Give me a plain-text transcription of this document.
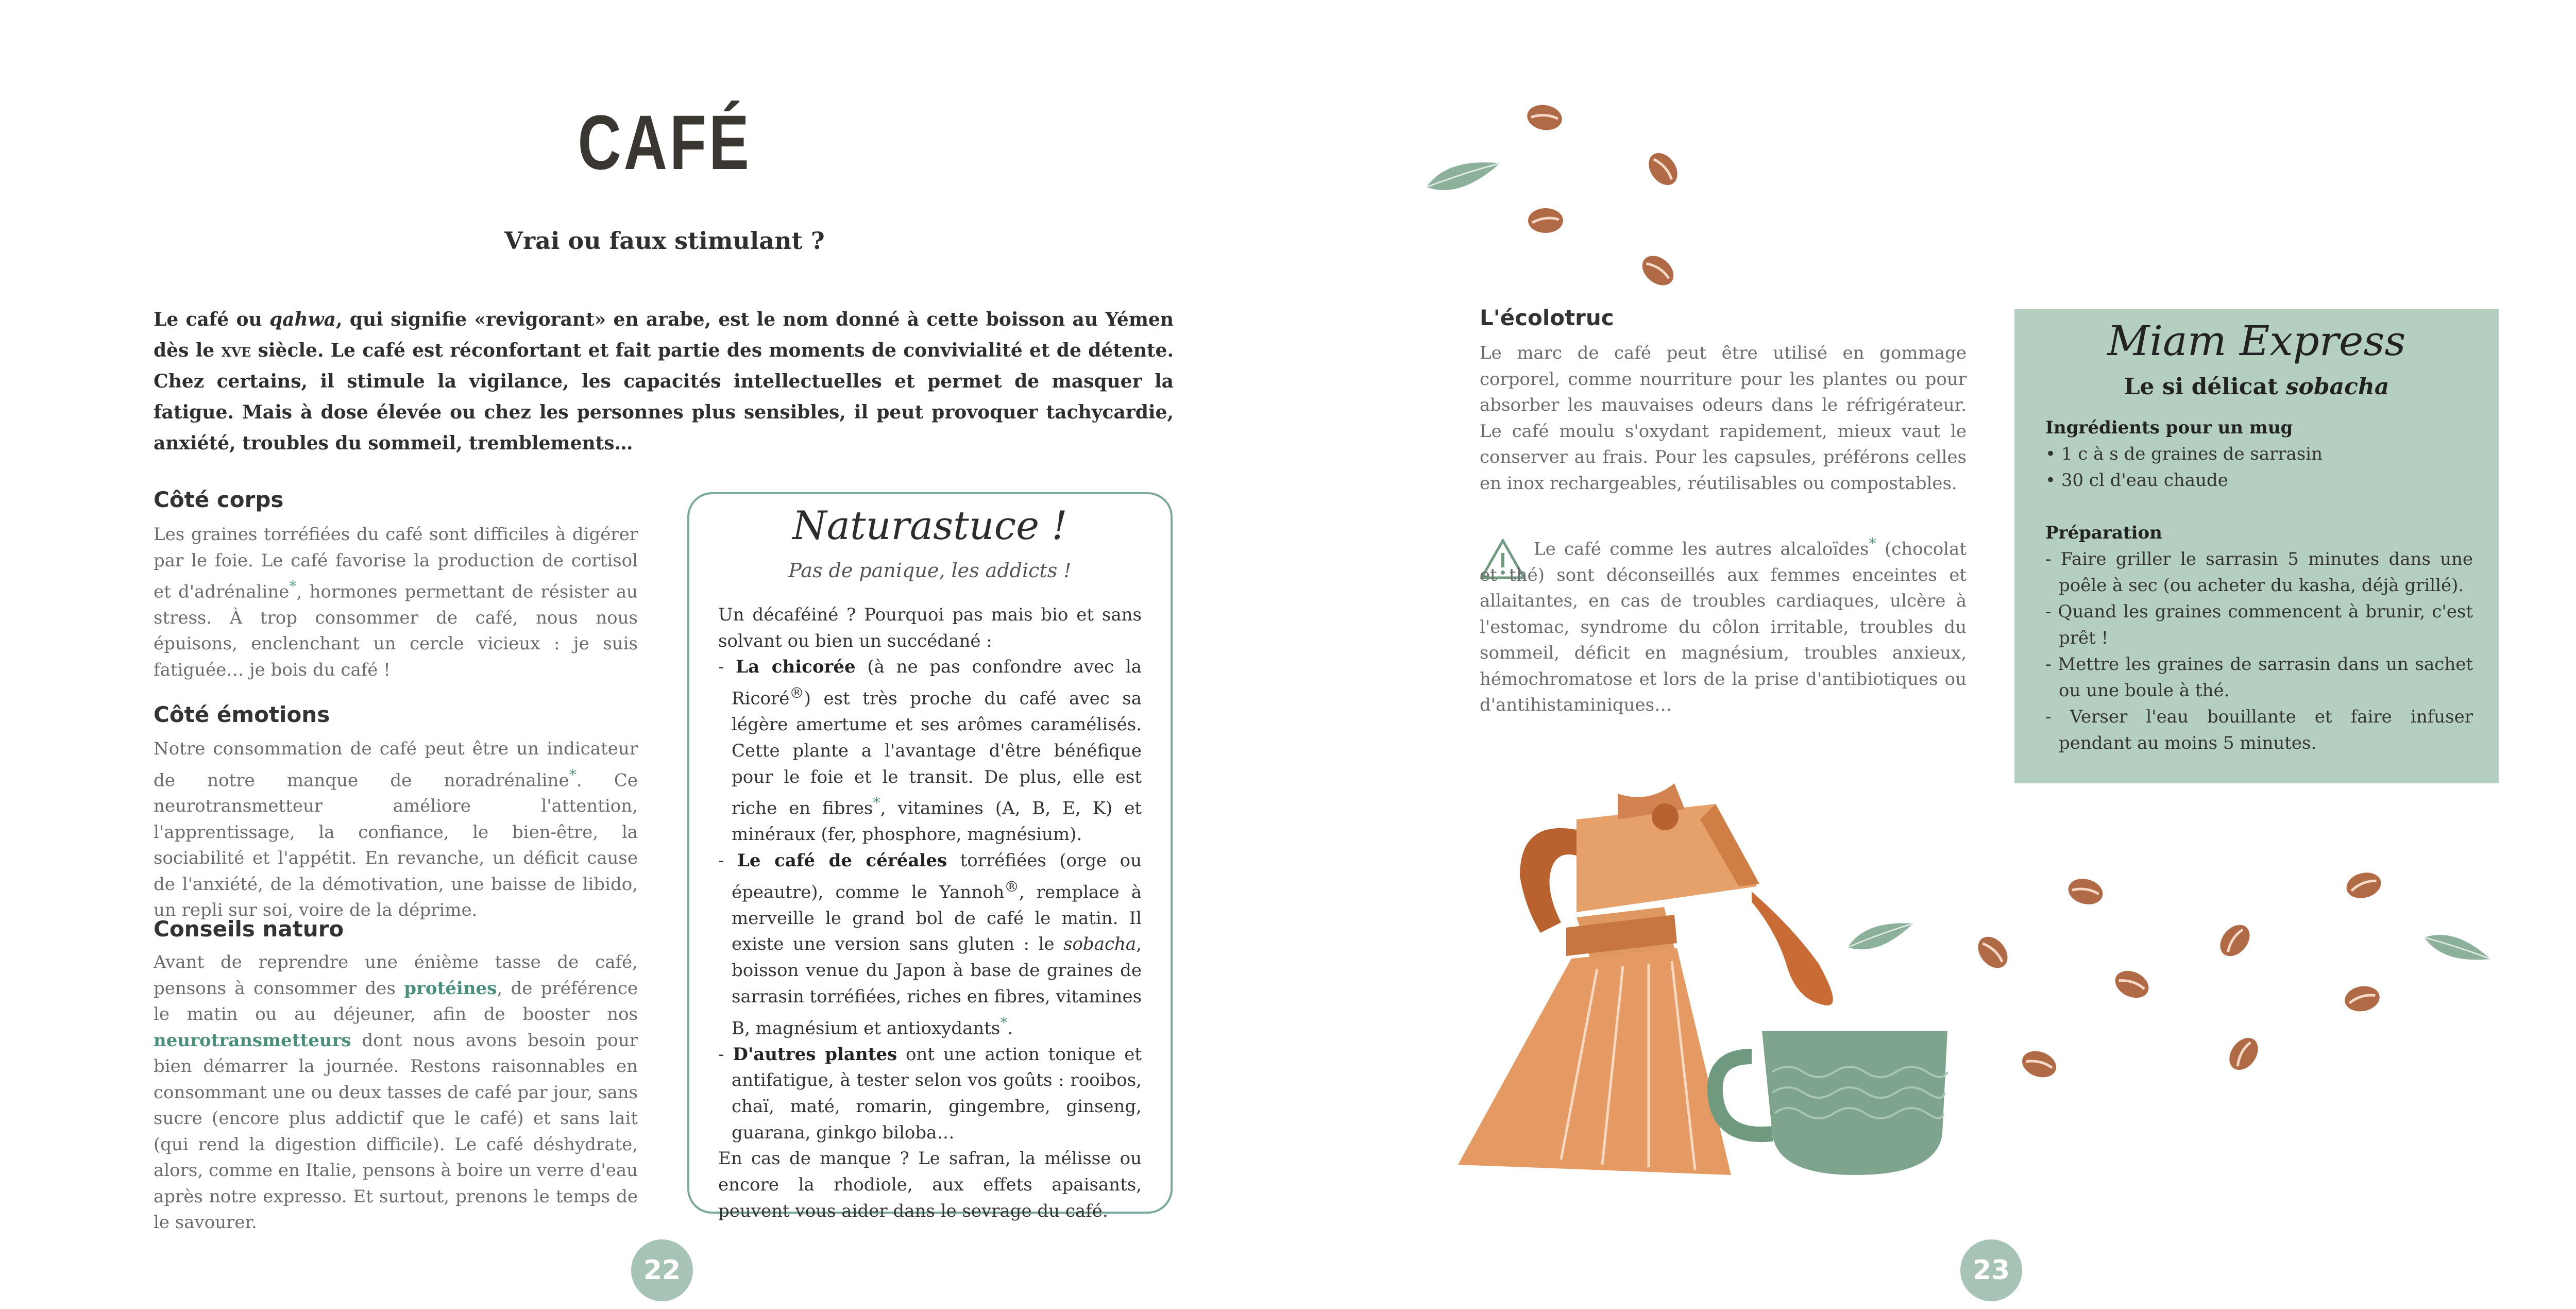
CAFÉ
Vrai ou faux stimulant ?
Le café ou qahwa, qui signifie «revigorant» en arabe, est le nom donné à cette boisson au Yémen dès le xve siècle. Le café est réconfortant et fait partie des moments de convivialité et de détente. Chez certains, il stimule la vigilance, les capacités intellectuelles et permet de masquer la fatigue. Mais à dose élevée ou chez les personnes plus sensibles, il peut provoquer tachycardie, anxiété, troubles du sommeil, tremblements…
Côté corps
Les graines torréfiées du café sont difficiles à digérer par le foie. Le café favorise la production de cortisol et d'adrénaline*, hormones permettant de résister au stress. À trop consommer de café, nous nous épuisons, enclenchant un cercle vicieux : je suis fatiguée… je bois du café !
Côté émotions
Notre consommation de café peut être un indicateur de notre manque de noradrénaline*. Ce neurotransmetteur améliore l'attention, l'apprentissage, la confiance, le bien-être, la sociabilité et l'appétit. En revanche, un déficit cause de l'anxiété, de la démotivation, une baisse de libido, un repli sur soi, voire de la déprime.
Conseils naturo
Avant de reprendre une énième tasse de café, pensons à consommer des protéines, de préférence le matin ou au déjeuner, afin de booster nos neurotransmetteurs dont nous avons besoin pour bien démarrer la journée. Restons raisonnables en consommant une ou deux tasses de café par jour, sans sucre (encore plus addictif que le café) et sans lait (qui rend la digestion difficile). Le café déshydrate, alors, comme en Italie, pensons à boire un verre d'eau après notre expresso. Et surtout, prenons le temps de le savourer.
Naturastuce !
Pas de panique, les addicts !
Un décaféiné ? Pourquoi pas mais bio et sans solvant ou bien un succédané :
- La chicorée (à ne pas confondre avec la Ricoré®) est très proche du café avec sa légère amertume et ses arômes caramélisés. Cette plante a l'avantage d'être bénéfique pour le foie et le transit. De plus, elle est riche en fibres*, vitamines (A, B, E, K) et minéraux (fer, phosphore, magnésium).
- Le café de céréales torréfiées (orge ou épeautre), comme le Yannoh®, remplace à merveille le grand bol de café le matin. Il existe une version sans gluten : le sobacha, boisson venue du Japon à base de graines de sarrasin torréfiées, riches en fibres, vitamines B, magnésium et antioxydants*.
- D'autres plantes ont une action tonique et antifatigue, à tester selon vos goûts : rooibos, chaï, maté, romarin, gingembre, ginseng, guarana, ginkgo biloba…
En cas de manque ? Le safran, la mélisse ou encore la rhodiole, aux effets apaisants, peuvent vous aider dans le sevrage du café.
22
L'écolotruc
Le marc de café peut être utilisé en gommage corporel, comme nourriture pour les plantes ou pour absorber les mauvaises odeurs dans le réfrigérateur. Le café moulu s'oxydant rapidement, mieux vaut le conserver au frais. Pour les capsules, préférons celles en inox rechargeables, réutilisables ou compostables.
Le café comme les autres alcaloïdes* (chocolat et thé) sont déconseillés aux femmes enceintes et allaitantes, en cas de troubles cardiaques, ulcère à l'estomac, syndrome du côlon irritable, troubles du sommeil, déficit en magnésium, troubles anxieux, hémochromatose et lors de la prise d'antibiotiques ou d'antihistaminiques…
Miam Express
Le si délicat sobacha
Ingrédients pour un mug
• 1 c à s de graines de sarrasin
• 30 cl d'eau chaude
Préparation
- Faire griller le sarrasin 5 minutes dans une poêle à sec (ou acheter du kasha, déjà grillé).
- Quand les graines commencent à brunir, c'est prêt !
- Mettre les graines de sarrasin dans un sachet ou une boule à thé.
- Verser l'eau bouillante et faire infuser pendant au moins 5 minutes.
23
